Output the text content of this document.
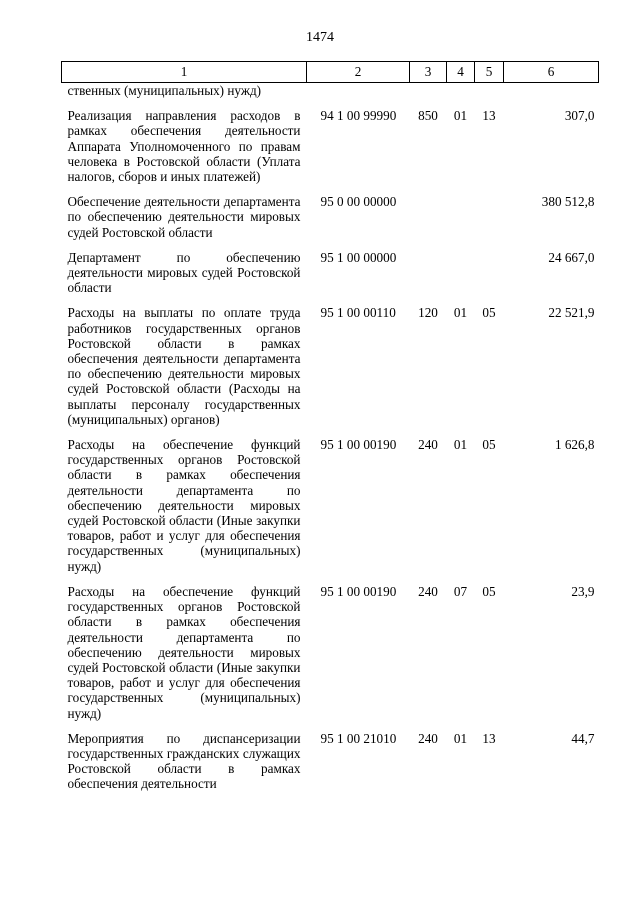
1474
1	2	3	4	5	6
ственных (муниципальных) нужд)					

Реализация направления расходов в рамках обеспечения деятельности Аппарата Уполномоченного по правам человека в Ростовской области (Уплата налогов, сборов и иных платежей)	94 1 00 99990	850	01	13	307,0

Обеспечение деятельности департамента по обеспечению деятельности мировых судей Ростовской области	95 0 00 00000				380 512,8

Департамент по обеспечению деятельности мировых судей Ростовской области	95 1 00 00000				24 667,0

Расходы на выплаты по оплате труда работников государственных органов Ростовской области в рамках обеспечения деятельности департамента по обеспечению деятельности мировых судей Ростовской области (Расходы на выплаты персоналу государственных (муниципальных) органов)	95 1 00 00110	120	01	05	22 521,9

Расходы на обеспечение функций государственных органов Ростовской области в рамках обеспечения деятельности департамента по обеспечению деятельности мировых судей Ростовской области (Иные закупки товаров, работ и услуг для обеспечения государственных (муниципальных) нужд)	95 1 00 00190	240	01	05	1 626,8

Расходы на обеспечение функций государственных органов Ростовской области в рамках обеспечения деятельности департамента по обеспечению деятельности мировых судей Ростовской области (Иные закупки товаров, работ и услуг для обеспечения государственных (муниципальных) нужд)	95 1 00 00190	240	07	05	23,9

Мероприятия по диспансеризации государственных гражданских служащих Ростовской области в рамках обеспечения деятельности	95 1 00 21010	240	01	13	44,7
